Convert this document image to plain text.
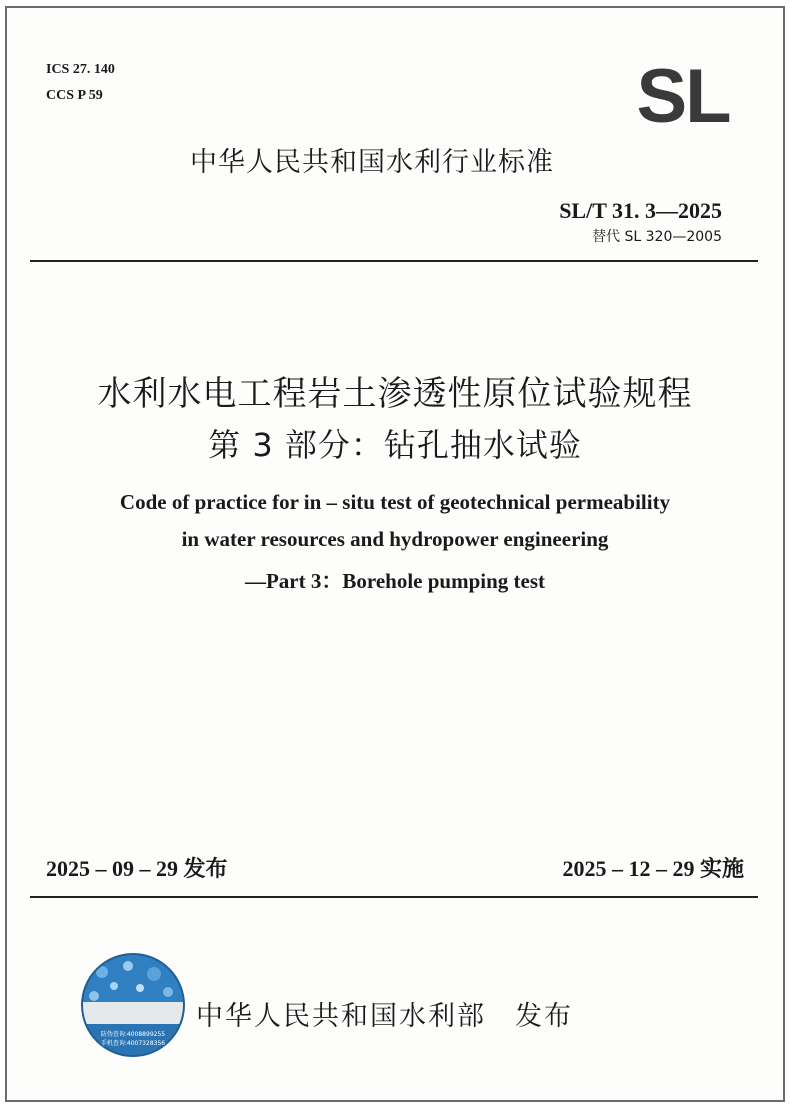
ICS 27. 140

CCS P 59	SL

中华人民共和国水利行业标准

SL/T 31. 3—2025

替代 SL 320—2005

水利水电工程岩土渗透性原位试验规程

第 3 部分：钻孔抽水试验

Code of practice for in – situ test of geotechnical permeability

in water resources and hydropower engineering

—Part 3：Borehole pumping test

2025 – 09 – 29 发布	2025 – 12 – 29 实施

防伪查询:4008899255
手机查询:4007328356

中华人民共和国水利部　发布
